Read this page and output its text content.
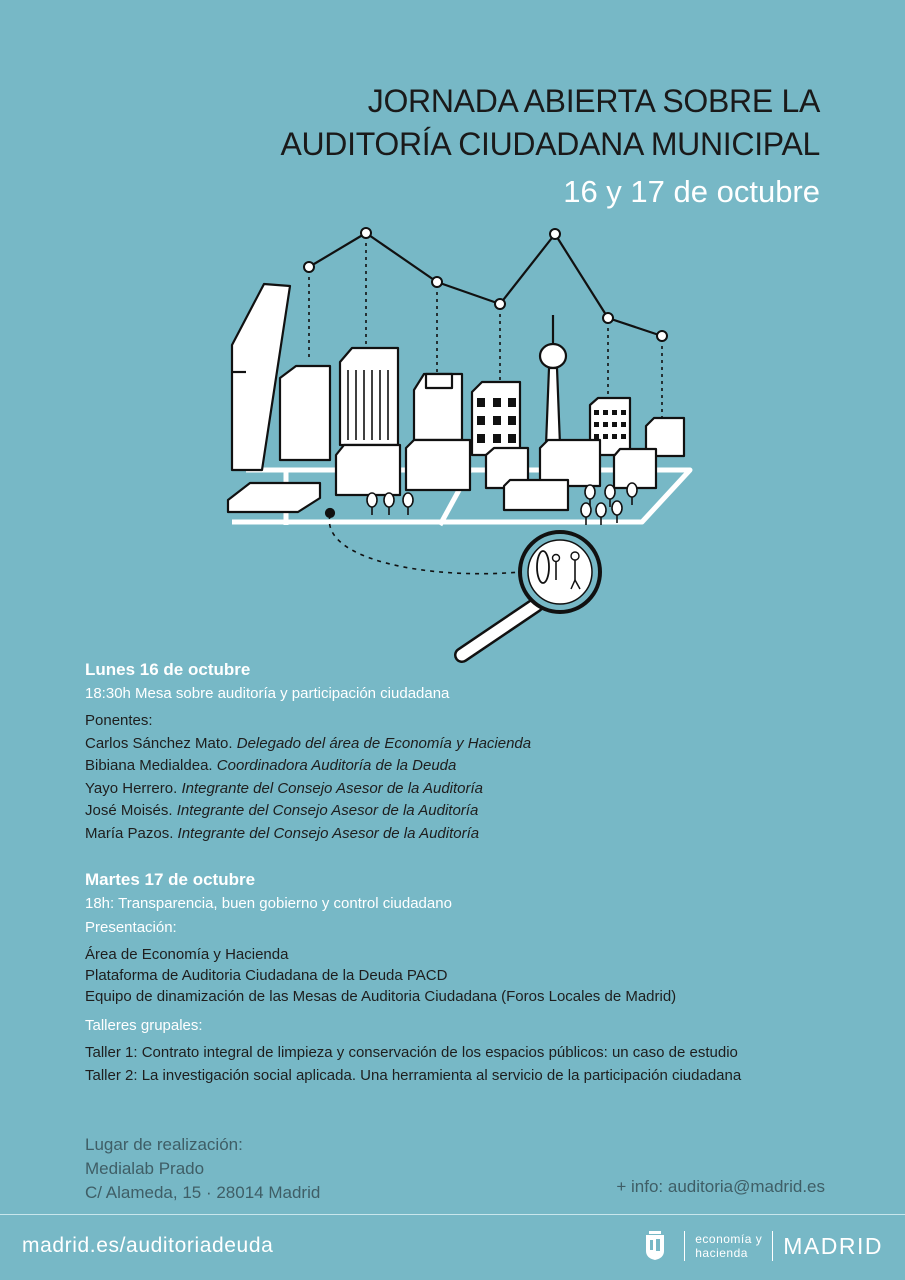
JORNADA ABIERTA SOBRE LA
AUDITORÍA CIUDADANA MUNICIPAL
16 y 17 de octubre
Lunes 16 de octubre
18:30h Mesa sobre auditoría y participación ciudadana
Ponentes:
Carlos Sánchez Mato. Delegado del área de Economía y Hacienda
Bibiana Medialdea. Coordinadora Auditoría de la Deuda
Yayo Herrero. Integrante del Consejo Asesor de la Auditoría
José Moisés. Integrante del Consejo Asesor de la Auditoría
María Pazos. Integrante del Consejo Asesor de la Auditoría
Martes 17 de octubre
18h: Transparencia, buen gobierno y control ciudadano
Presentación:
Área de Economía y Hacienda
Plataforma de Auditoria Ciudadana de la Deuda PACD
Equipo de dinamización de las Mesas de Auditoria Ciudadana (Foros Locales de Madrid)
Talleres grupales:
Taller 1: Contrato integral de limpieza y conservación de los espacios públicos: un caso de estudio
Taller 2: La investigación social aplicada. Una herramienta al servicio de la participación ciudadana
Lugar de realización:
Medialab Prado
C/ Alameda, 15 · 28014 Madrid	+ info: auditoria@madrid.es
madrid.es/auditoriadeuda	economía y
hacienda	MADRID
